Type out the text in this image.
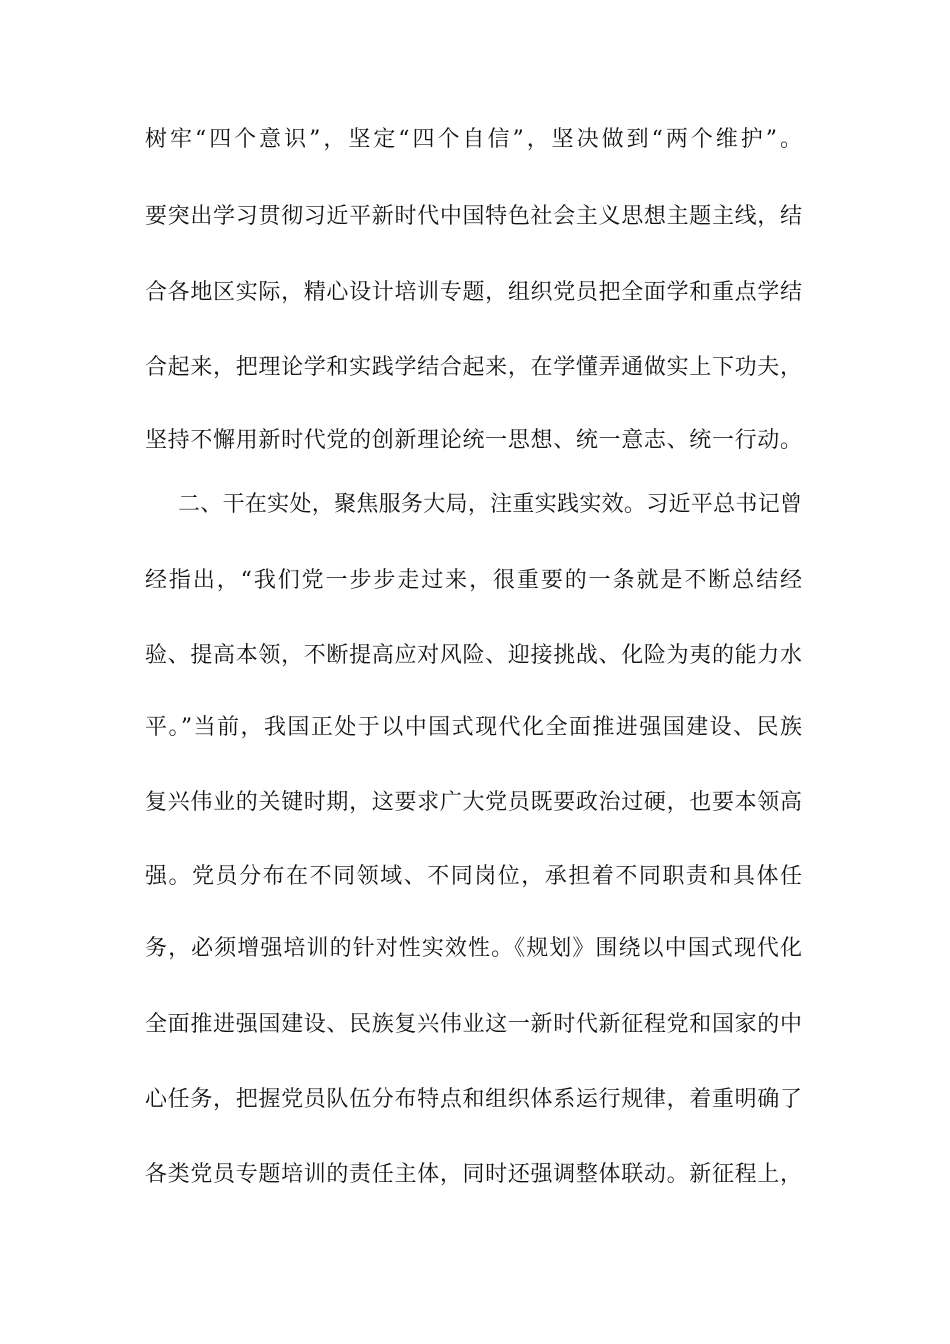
树牢“四个意识”，坚定“四个自信”，坚决做到“两个维护”。
要突出学习贯彻习近平新时代中国特色社会主义思想主题主线，结
合各地区实际，精心设计培训专题，组织党员把全面学和重点学结
合起来，把理论学和实践学结合起来，在学懂弄通做实上下功夫，
坚持不懈用新时代党的创新理论统一思想、统一意志、统一行动。
二、干在实处，聚焦服务大局，注重实践实效。习近平总书记曾
经指出，“我们党一步步走过来，很重要的一条就是不断总结经
验、提高本领，不断提高应对风险、迎接挑战、化险为夷的能力水
平。”当前，我国正处于以中国式现代化全面推进强国建设、民族
复兴伟业的关键时期，这要求广大党员既要政治过硬，也要本领高
强。党员分布在不同领域、不同岗位，承担着不同职责和具体任
务，必须增强培训的针对性实效性。《规划》围绕以中国式现代化
全面推进强国建设、民族复兴伟业这一新时代新征程党和国家的中
心任务，把握党员队伍分布特点和组织体系运行规律，着重明确了
各类党员专题培训的责任主体，同时还强调整体联动。新征程上，
